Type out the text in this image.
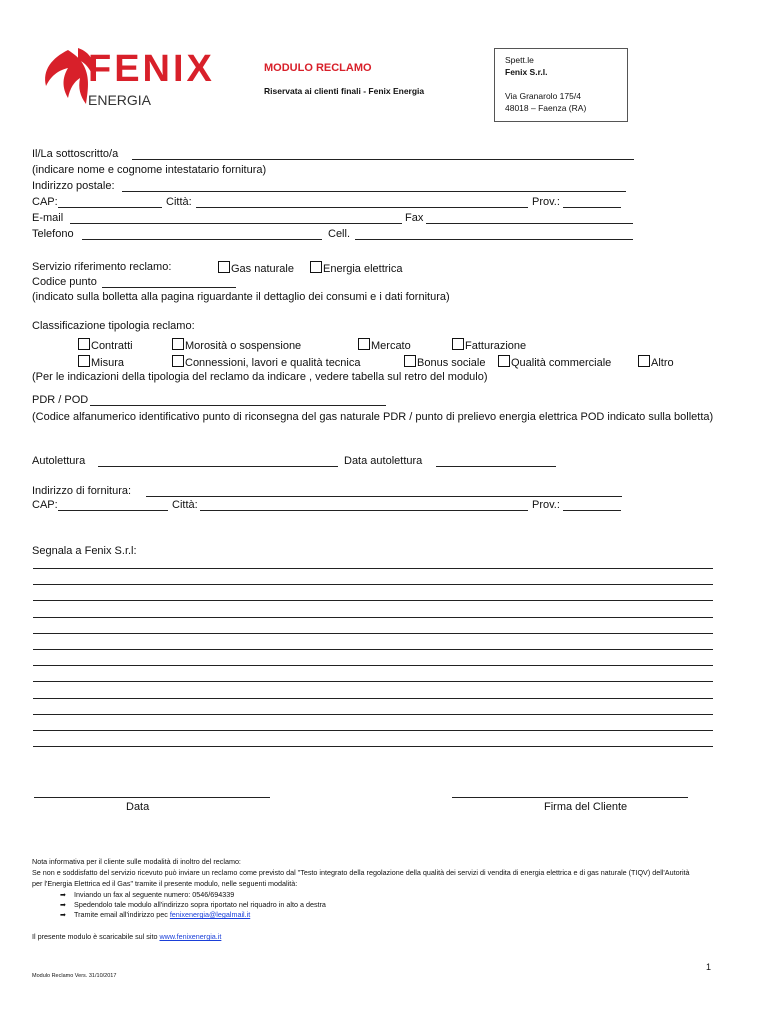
FENIX
ENERGIA
MODULO RECLAMO
Riservata ai clienti finali - Fenix Energia
Spett.le
Fenix S.r.l.
Via Granarolo 175/4
48018 – Faenza (RA)
Il/La sottoscritto/a
(indicare nome e cognome intestatario fornitura)
Indirizzo postale:
CAP:	Città:	Prov.:
E-mail	Fax
Telefono	Cell.
Servizio riferimento reclamo:	Gas naturale	Energia elettrica
Codice punto
(indicato sulla bolletta alla pagina riguardante il dettaglio dei consumi e i dati fornitura)
Classificazione tipologia reclamo:
Contratti	Morosità o sospensione	Mercato	Fatturazione
Misura	Connessioni, lavori e qualità tecnica	Bonus sociale	Qualità commerciale	Altro
(Per le indicazioni della tipologia del reclamo da indicare , vedere tabella sul retro del modulo)
PDR / POD
(Codice alfanumerico identificativo punto di riconsegna del gas naturale PDR / punto di prelievo energia elettrica POD indicato sulla bolletta)
Autolettura	Data autolettura
Indirizzo di fornitura:
CAP:	Città:	Prov.:
Segnala a Fenix S.r.l:
Data	Firma del Cliente
Nota informativa per il cliente sulle modalità di inoltro del reclamo:
Se non e soddisfatto del servizio ricevuto può inviare un reclamo come previsto dal "Testo integrato della regolazione della qualità dei servizi di vendita di energia elettrica e di gas naturale (TIQV) dell'Autorità per l'Energia Elettrica ed il Gas" tramite il presente modulo, nelle seguenti modalità:
➡ Inviando un fax al seguente numero: 0546/694339
➡ Spedendolo tale modulo all'indirizzo sopra riportato nel riquadro in alto a destra
➡ Tramite email all'indirizzo pec fenixenergia@legalmail.it
Il presente modulo è scaricabile sul sito www.fenixenergia.it
1
Modulo Reclamo Vers. 31/10/2017
